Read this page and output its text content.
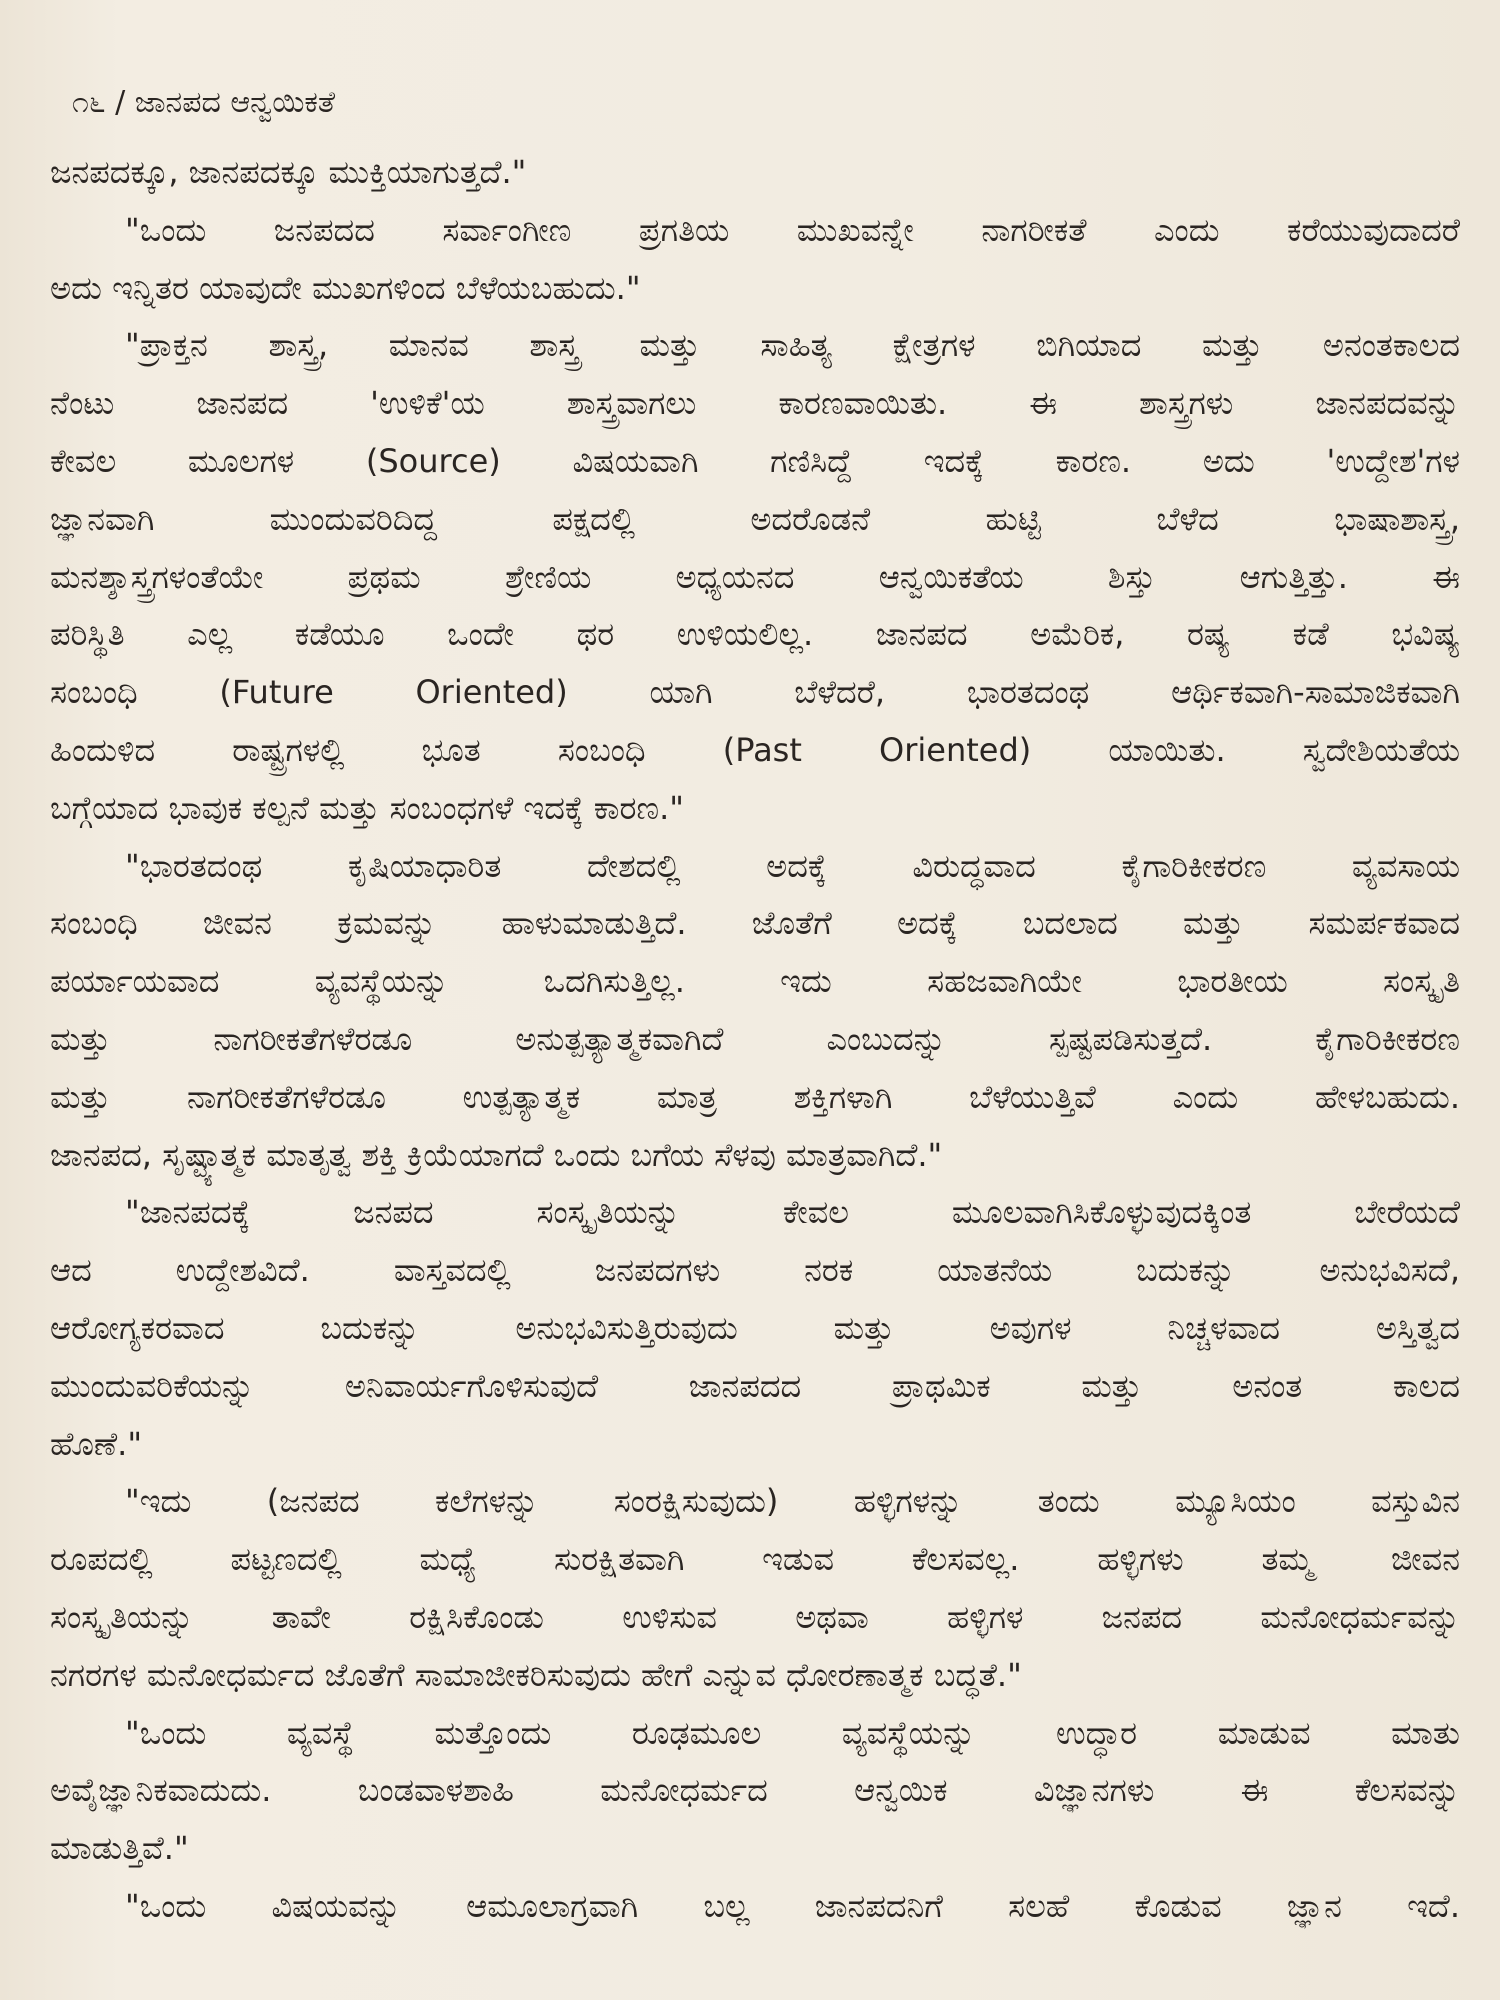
೧೬ / ಜಾನಪದ ಆನ್ವಯಿಕತೆ
ಜನಪದಕ್ಕೂ, ಜಾನಪದಕ್ಕೂ ಮುಕ್ತಿಯಾಗುತ್ತದೆ."
"ಒಂದು ಜನಪದದ ಸರ್ವಾಂಗೀಣ ಪ್ರಗತಿಯ ಮುಖವನ್ನೇ ನಾಗರೀಕತೆ ಎಂದು ಕರೆಯುವುದಾದರೆ
ಅದು ಇನ್ನಿತರ ಯಾವುದೇ ಮುಖಗಳಿಂದ ಬೆಳೆಯಬಹುದು."
"ಪ್ರಾಕ್ತನ ಶಾಸ್ತ್ರ, ಮಾನವ ಶಾಸ್ತ್ರ ಮತ್ತು ಸಾಹಿತ್ಯ ಕ್ಷೇತ್ರಗಳ ಬಿಗಿಯಾದ ಮತ್ತು ಅನಂತಕಾಲದ
ನೆಂಟು ಜಾನಪದ 'ಉಳಿಕೆ'ಯ ಶಾಸ್ತ್ರವಾಗಲು ಕಾರಣವಾಯಿತು. ಈ ಶಾಸ್ತ್ರಗಳು ಜಾನಪದವನ್ನು
ಕೇವಲ ಮೂಲಗಳ (Source) ವಿಷಯವಾಗಿ ಗಣಿಸಿದ್ದೆ ಇದಕ್ಕೆ ಕಾರಣ. ಅದು 'ಉದ್ದೇಶ'ಗಳ
ಜ್ಞಾನವಾಗಿ ಮುಂದುವರಿದಿದ್ದ ಪಕ್ಷದಲ್ಲಿ ಅದರೊಡನೆ ಹುಟ್ಟಿ ಬೆಳೆದ ಭಾಷಾಶಾಸ್ತ್ರ,
ಮನಶ್ಶಾಸ್ತ್ರಗಳಂತೆಯೇ ಪ್ರಥಮ ಶ್ರೇಣಿಯ ಅಧ್ಯಯನದ ಆನ್ವಯಿಕತೆಯ ಶಿಸ್ತು ಆಗುತ್ತಿತ್ತು. ಈ
ಪರಿಸ್ಥಿತಿ ಎಲ್ಲ ಕಡೆಯೂ ಒಂದೇ ಥರ ಉಳಿಯಲಿಲ್ಲ. ಜಾನಪದ ಅಮೆರಿಕ, ರಷ್ಯ ಕಡೆ ಭವಿಷ್ಯ
ಸಂಬಂಧಿ (Future Oriented) ಯಾಗಿ ಬೆಳೆದರೆ, ಭಾರತದಂಥ ಆರ್ಥಿಕವಾಗಿ-ಸಾಮಾಜಿಕವಾಗಿ
ಹಿಂದುಳಿದ ರಾಷ್ಟ್ರಗಳಲ್ಲಿ ಭೂತ ಸಂಬಂಧಿ (Past Oriented) ಯಾಯಿತು. ಸ್ವದೇಶಿಯತೆಯ
ಬಗ್ಗೆಯಾದ ಭಾವುಕ ಕಲ್ಪನೆ ಮತ್ತು ಸಂಬಂಧಗಳೆ ಇದಕ್ಕೆ ಕಾರಣ."
"ಭಾರತದಂಥ ಕೃಷಿಯಾಧಾರಿತ ದೇಶದಲ್ಲಿ ಅದಕ್ಕೆ ವಿರುದ್ಧವಾದ ಕೈಗಾರಿಕೀಕರಣ ವ್ಯವಸಾಯ
ಸಂಬಂಧಿ ಜೀವನ ಕ್ರಮವನ್ನು ಹಾಳುಮಾಡುತ್ತಿದೆ. ಜೊತೆಗೆ ಅದಕ್ಕೆ ಬದಲಾದ ಮತ್ತು ಸಮರ್ಪಕವಾದ
ಪರ್ಯಾಯವಾದ ವ್ಯವಸ್ಥೆಯನ್ನು ಒದಗಿಸುತ್ತಿಲ್ಲ. ಇದು ಸಹಜವಾಗಿಯೇ ಭಾರತೀಯ ಸಂಸ್ಕೃತಿ
ಮತ್ತು ನಾಗರೀಕತೆಗಳೆರಡೂ ಅನುತ್ಪತ್ಯಾತ್ಮಕವಾಗಿದೆ ಎಂಬುದನ್ನು ಸ್ಪಷ್ಟಪಡಿಸುತ್ತದೆ. ಕೈಗಾರಿಕೀಕರಣ
ಮತ್ತು ನಾಗರೀಕತೆಗಳೆರಡೂ ಉತ್ಪತ್ಯಾತ್ಮಕ ಮಾತ್ರ ಶಕ್ತಿಗಳಾಗಿ ಬೆಳೆಯುತ್ತಿವೆ ಎಂದು ಹೇಳಬಹುದು.
ಜಾನಪದ, ಸೃಷ್ಟ್ಯಾತ್ಮಕ ಮಾತೃತ್ವ ಶಕ್ತಿ ಕ್ರಿಯೆಯಾಗದೆ ಒಂದು ಬಗೆಯ ಸೆಳವು ಮಾತ್ರವಾಗಿದೆ."
"ಜಾನಪದಕ್ಕೆ ಜನಪದ ಸಂಸ್ಕೃತಿಯನ್ನು ಕೇವಲ ಮೂಲವಾಗಿಸಿಕೊಳ್ಳುವುದಕ್ಕಿಂತ ಬೇರೆಯದೆ
ಆದ ಉದ್ದೇಶವಿದೆ. ವಾಸ್ತವದಲ್ಲಿ ಜನಪದಗಳು ನರಕ ಯಾತನೆಯ ಬದುಕನ್ನು ಅನುಭವಿಸದೆ,
ಆರೋಗ್ಯಕರವಾದ ಬದುಕನ್ನು ಅನುಭವಿಸುತ್ತಿರುವುದು ಮತ್ತು ಅವುಗಳ ನಿಚ್ಚಳವಾದ ಅಸ್ತಿತ್ವದ
ಮುಂದುವರಿಕೆಯನ್ನು ಅನಿವಾರ್ಯಗೊಳಿಸುವುದೆ ಜಾನಪದದ ಪ್ರಾಥಮಿಕ ಮತ್ತು ಅನಂತ ಕಾಲದ
ಹೊಣೆ."
"ಇದು (ಜನಪದ ಕಲೆಗಳನ್ನು ಸಂರಕ್ಷಿಸುವುದು) ಹಳ್ಳಿಗಳನ್ನು ತಂದು ಮ್ಯೂಸಿಯಂ ವಸ್ತುವಿನ
ರೂಪದಲ್ಲಿ ಪಟ್ಟಣದಲ್ಲಿ ಮಧ್ಯೆ ಸುರಕ್ಷಿತವಾಗಿ ಇಡುವ ಕೆಲಸವಲ್ಲ. ಹಳ್ಳಿಗಳು ತಮ್ಮ ಜೀವನ
ಸಂಸ್ಕೃತಿಯನ್ನು ತಾವೇ ರಕ್ಷಿಸಿಕೊಂಡು ಉಳಿಸುವ ಅಥವಾ ಹಳ್ಳಿಗಳ ಜನಪದ ಮನೋಧರ್ಮವನ್ನು
ನಗರಗಳ ಮನೋಧರ್ಮದ ಜೊತೆಗೆ ಸಾಮಾಜೀಕರಿಸುವುದು ಹೇಗೆ ಎನ್ನುವ ಧೋರಣಾತ್ಮಕ ಬದ್ಧತೆ."
"ಒಂದು ವ್ಯವಸ್ಥೆ ಮತ್ತೊಂದು ರೂಢಮೂಲ ವ್ಯವಸ್ಥೆಯನ್ನು ಉದ್ಧಾರ ಮಾಡುವ ಮಾತು
ಅವೈಜ್ಞಾನಿಕವಾದುದು. ಬಂಡವಾಳಶಾಹಿ ಮನೋಧರ್ಮದ ಆನ್ವಯಿಕ ವಿಜ್ಞಾನಗಳು ಈ ಕೆಲಸವನ್ನು
ಮಾಡುತ್ತಿವೆ."
"ಒಂದು ವಿಷಯವನ್ನು ಆಮೂಲಾಗ್ರವಾಗಿ ಬಲ್ಲ ಜಾನಪದನಿಗೆ ಸಲಹೆ ಕೊಡುವ ಜ್ಞಾನ ಇದೆ.
